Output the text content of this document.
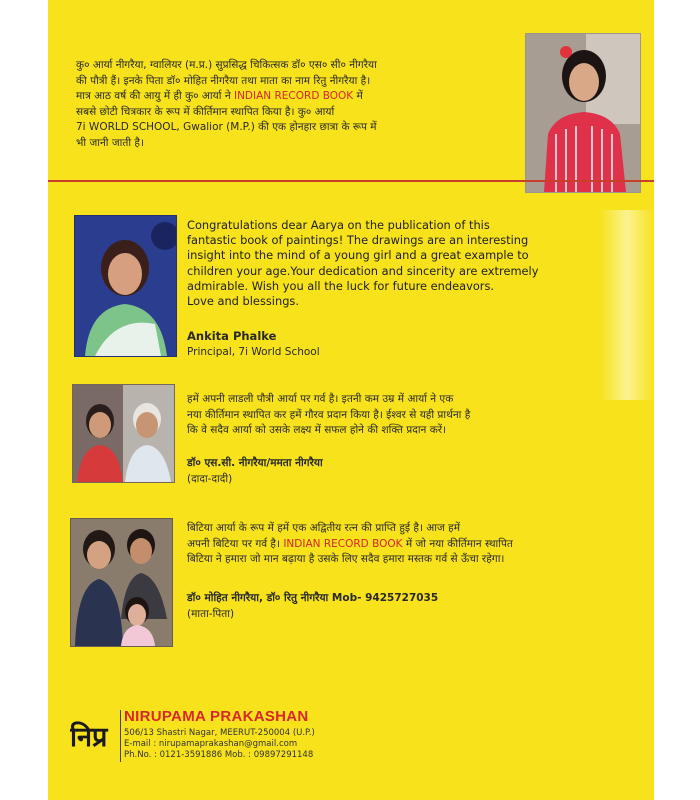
कु० आर्या नीगरैया, ग्वालियर (म.प्र.) सुप्रसिद्ध चिकित्सक डॉ० एस० सी० नीगरैया
की पौत्री हैं। इनके पिता डॉ० मोहित नीगरैया तथा माता का नाम रितु नीगरैया है।
मात्र आठ वर्ष की आयु में ही कु० आर्या ने INDIAN RECORD BOOK में
सबसे छोटी चित्रकार के रूप में कीर्तिमान स्थापित किया है। कु० आर्या
7i WORLD SCHOOL, Gwalior (M.P.) की एक होनहार छात्रा के रूप में
भी जानी जाती है।
Congratulations dear Aarya on the publication of this
fantastic book of paintings! The drawings are an interesting
insight into the mind of a young girl and a great example to
children your age.Your dedication and sincerity are extremely
admirable. Wish you all the luck for future endeavors.
Love and blessings.
Ankita Phalke
Principal, 7i World School
हमें अपनी लाडली पौत्री आर्या पर गर्व है। इतनी कम उम्र में आर्या ने एक
नया कीर्तिमान स्थापित कर हमें गौरव प्रदान किया है। ईश्वर से यही प्रार्थना है
कि वे सदैव आर्या को उसके लक्ष्य में सफल होने की शक्ति प्रदान करें।
डॉ० एस.सी. नीगरैया/ममता नीगरैया
(दादा-दादी)
बिटिया आर्या के रूप में हमें एक अद्वितीय रत्न की प्राप्ति हुई है। आज हमें
अपनी बिटिया पर गर्व है। INDIAN RECORD BOOK में जो नया कीर्तिमान स्थापित
बिटिया ने हमारा जो मान बढ़ाया है उसके लिए सदैव हमारा मस्तक गर्व से ऊँचा रहेगा।
डॉ० मोहित नीगरैया, डॉ० रितु नीगरैया Mob- 9425727035
(माता-पिता)
निप्र
NIRUPAMA PRAKASHAN
506/13 Shastri Nagar, MEERUT-250004 (U.P.)
E-mail : nirupamaprakashan@gmail.com
Ph.No. : 0121-3591886 Mob. : 09897291148
